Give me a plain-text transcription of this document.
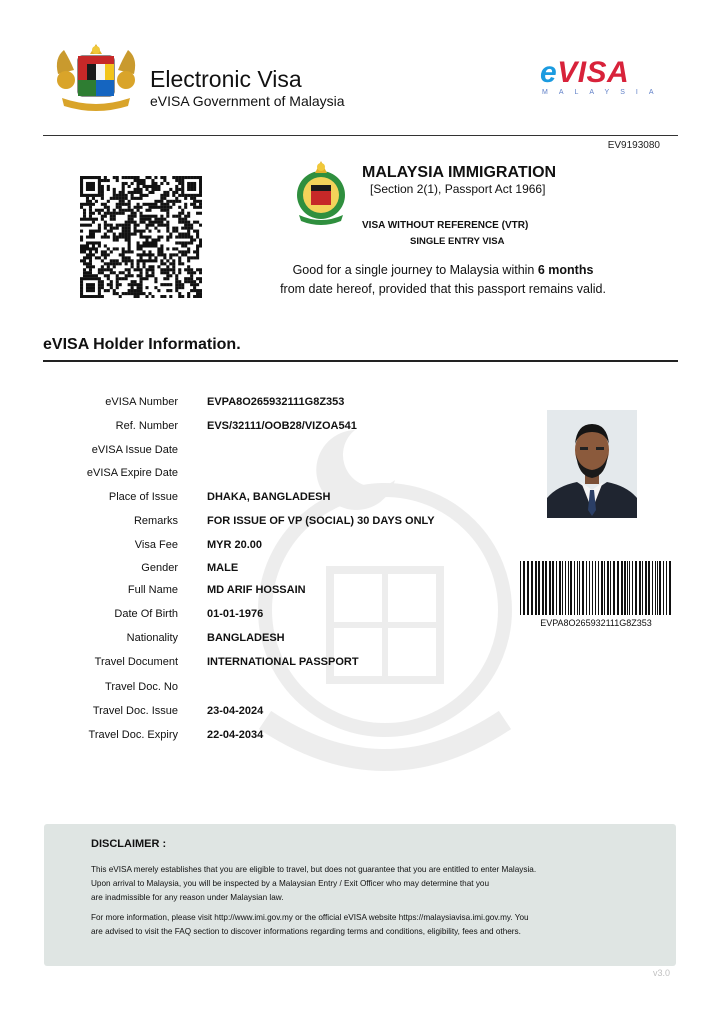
Electronic Visa
eVISA Government of Malaysia
eVISA
MALAYSIA
EV9193080
MALAYSIA IMMIGRATION
[Section 2(1), Passport Act 1966]
VISA WITHOUT REFERENCE (VTR)
SINGLE ENTRY VISA
Good for a single journey to Malaysia within 6 months
from date hereof, provided that this passport remains valid.
eVISA Holder Information.
eVISA Number	EVPA8O265932111G8Z353
Ref. Number	EVS/32111/OOB28/VIZOA541
eVISA Issue Date
eVISA Expire Date
Place of Issue	DHAKA, BANGLADESH
Remarks	FOR ISSUE OF VP (SOCIAL) 30 DAYS ONLY
Visa Fee	MYR 20.00
Gender	MALE
Full Name	MD ARIF HOSSAIN
Date Of Birth	01-01-1976
Nationality	BANGLADESH
Travel Document	INTERNATIONAL PASSPORT
Travel Doc. No
Travel Doc. Issue	23-04-2024
Travel Doc. Expiry	22-04-2034
EVPA8O265932111G8Z353
DISCLAIMER :
This eVISA merely establishes that you are eligible to travel, but does not guarantee that you are entitled to enter Malaysia.
Upon arrival to Malaysia, you will be inspected by a Malaysian Entry / Exit Officer who may determine that you
are inadmissible for any reason under Malaysian law.
For more information, please visit http://www.imi.gov.my or the official eVISA website https://malaysiavisa.imi.gov.my. You
are advised to visit the FAQ section to discover informations regarding terms and conditions, eligibility, fees and others.
v3.0
